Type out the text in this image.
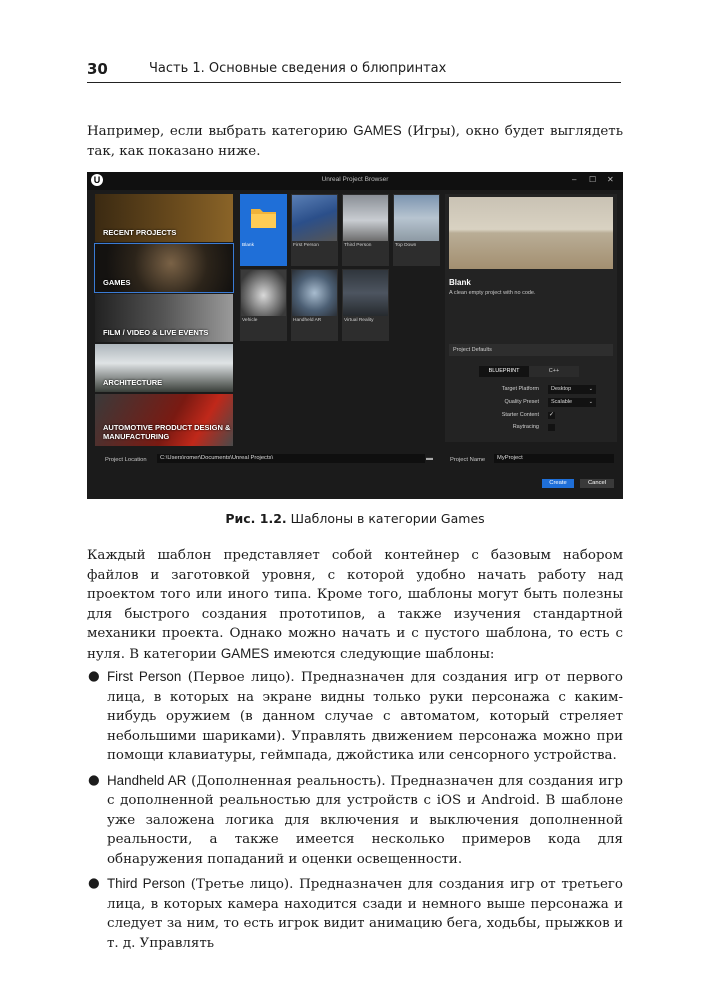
30	Часть 1. Основные сведения о блюпринтах

Например, если выбрать категорию GAMES (Игры), окно будет выглядеть так, как показано ниже.

U	Unreal Project Browser	– ☐ ✕
RECENT PROJECTS
GAMES
FILM / VIDEO & LIVE EVENTS
ARCHITECTURE
AUTOMOTIVE PRODUCT DESIGN & MANUFACTURING
Blank	First Person	Third Person	Top Down
Vehicle	Handheld AR	Virtual Reality
Blank
A clean empty project with no code.
Project Defaults
BLUEPRINT	C++
Target Platform	Desktop	⌄
Quality Preset	Scalable	⌄
Starter Content ✓
Raytracing
Project Location	C:\Users\romer\Documents\Unreal Projects\	▬	Project Name	MyProject
Create	Cancel
Рис. 1.2. Шаблоны в категории Games

Каждый шаблон представляет собой контейнер с базовым набором файлов и заготовкой уровня, с которой удобно начать работу над проектом того или иного типа. Кроме того, шаблоны могут быть полезны для быстрого создания прототипов, а также изучения стандартной механики проекта. Однако можно начать и с пустого шаблона, то есть с нуля. В категории GAMES имеются следующие шаблоны:

● First Person (Первое лицо). Предназначен для создания игр от первого лица, в которых на экране видны только руки персонажа с каким-нибудь оружием (в данном случае с автоматом, который стреляет небольшими шариками). Управлять движением персонажа можно при помощи клавиатуры, геймпада, джойстика или сенсорного устройства.
● Handheld AR (Дополненная реальность). Предназначен для создания игр с дополненной реальностью для устройств с iOS и Android. В шаблоне уже заложена логика для включения и выключения дополненной реальности, а также имеется несколько примеров кода для обнаружения попаданий и оценки освещенности.
● Third Person (Третье лицо). Предназначен для создания игр от третьего лица, в которых камера находится сзади и немного выше персонажа и следует за ним, то есть игрок видит анимацию бега, ходьбы, прыжков и т. д. Управлять
